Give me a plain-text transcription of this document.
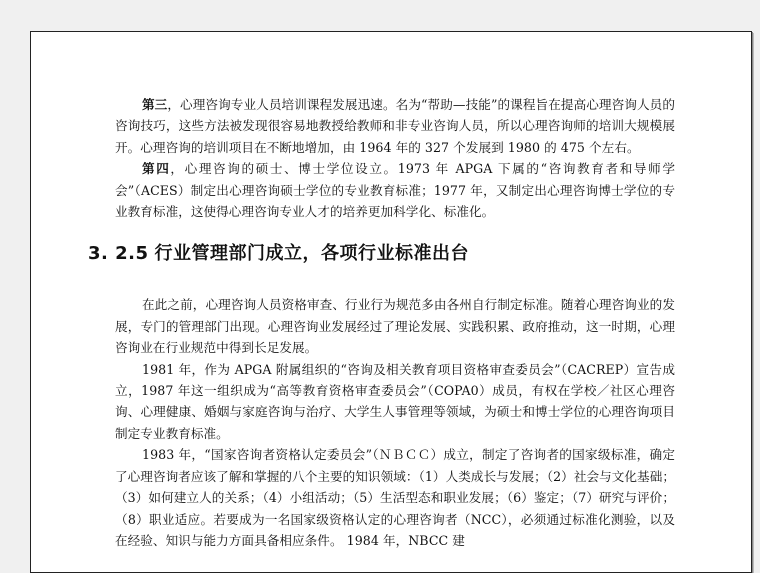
第三，心理咨询专业人员培训课程发展迅速。名为“帮助—技能”的课程旨在提高心理咨询人员的咨询技巧，这些方法被发现很容易地教授给教师和非专业咨询人员，所以心理咨询师的培训大规模展开。心理咨询的培训项目在不断地增加，由 1964 年的 327 个发展到 1980 的 475 个左右。

第四，心理咨询的硕士、博士学位设立。1973 年 APGA 下属的“咨询教育者和导师学会”（ACES）制定出心理咨询硕士学位的专业教育标准；1977 年，又制定出心理咨询博士学位的专业教育标准，这使得心理咨询专业人才的培养更加科学化、标准化。

3. 2.5 行业管理部门成立，各项行业标准出台

在此之前，心理咨询人员资格审查、行业行为规范多由各州自行制定标准。随着心理咨询业的发展，专门的管理部门出现。心理咨询业发展经过了理论发展、实践积累、政府推动，这一时期，心理咨询业在行业规范中得到长足发展。

1981 年，作为 APGA 附属组织的“咨询及相关教育项目资格审查委员会”（CACREP）宣告成立，1987 年这一组织成为“高等教育资格审查委员会”（COPA0）成员，有权在学校／社区心理咨询、心理健康、婚姻与家庭咨询与治疗、大学生人事管理等领域，为硕士和博士学位的心理咨询项目制定专业教育标准。

1983 年，“国家咨询者资格认定委员会”（ＮＢＣＣ）成立，制定了咨询者的国家级标准，确定了心理咨询者应该了解和掌握的八个主要的知识领域：（1）人类成长与发展；（2）社会与文化基础；（3）如何建立人的关系；（4）小组活动；（5）生活型态和职业发展；（6）鉴定；（7）研究与评价；（8）职业适应。若要成为一名国家级资格认定的心理咨询者（NCC），必须通过标准化测验，以及在经验、知识与能力方面具备相应条件。 1984 年，NBCC 建
